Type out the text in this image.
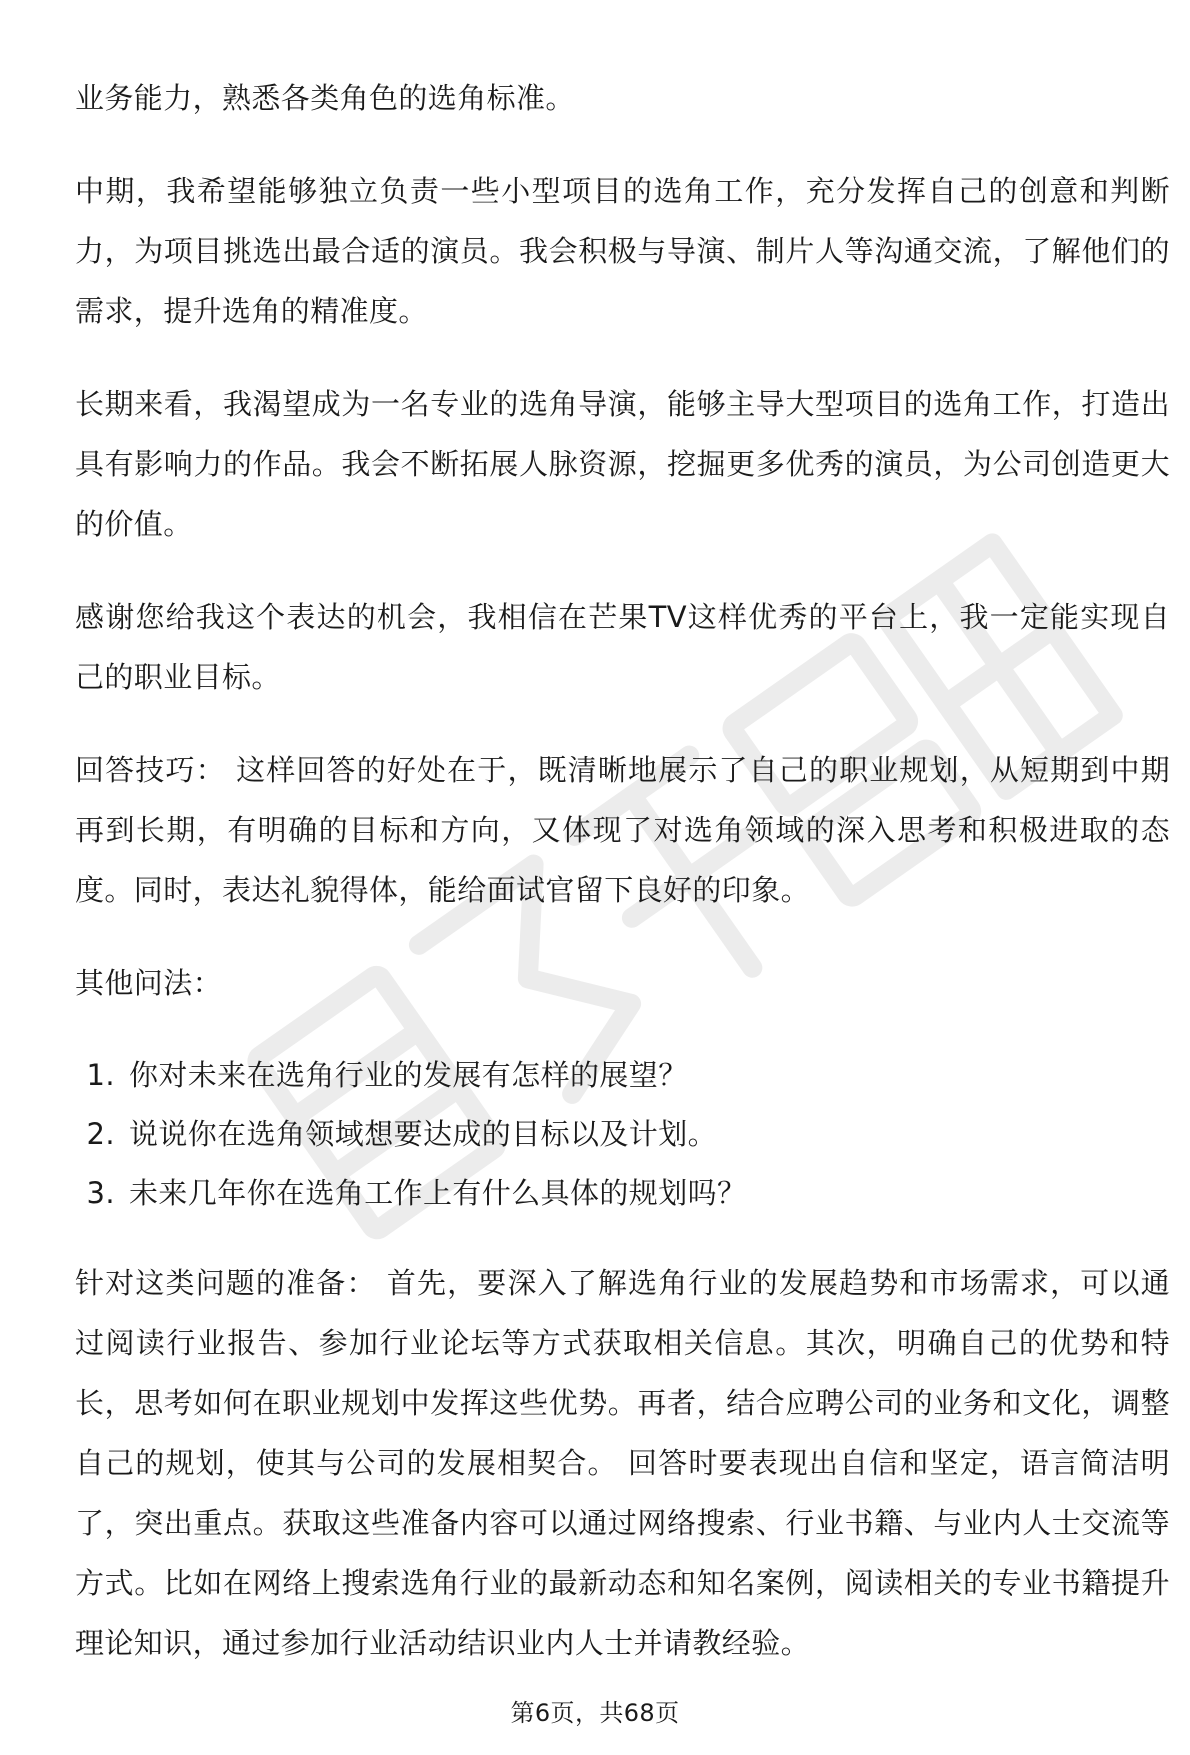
业务能力，熟悉各类角色的选角标准。

中期，我希望能够独立负责一些小型项目的选角工作，充分发挥自己的创意和判断力，为项目挑选出最合适的演员。我会积极与导演、制片人等沟通交流，了解他们的需求，提升选角的精准度。

长期来看，我渴望成为一名专业的选角导演，能够主导大型项目的选角工作，打造出具有影响力的作品。我会不断拓展人脉资源，挖掘更多优秀的演员，为公司创造更大的价值。

感谢您给我这个表达的机会，我相信在芒果TV这样优秀的平台上，我一定能实现自己的职业目标。

回答技巧： 这样回答的好处在于，既清晰地展示了自己的职业规划，从短期到中期再到长期，有明确的目标和方向，又体现了对选角领域的深入思考和积极进取的态度。同时，表达礼貌得体，能给面试官留下良好的印象。

其他问法：

1. 你对未来在选角行业的发展有怎样的展望？
2. 说说你在选角领域想要达成的目标以及计划。
3. 未来几年你在选角工作上有什么具体的规划吗？

针对这类问题的准备： 首先，要深入了解选角行业的发展趋势和市场需求，可以通过阅读行业报告、参加行业论坛等方式获取相关信息。其次，明确自己的优势和特长，思考如何在职业规划中发挥这些优势。再者，结合应聘公司的业务和文化，调整自己的规划，使其与公司的发展相契合。 回答时要表现出自信和坚定，语言简洁明了，突出重点。获取这些准备内容可以通过网络搜索、行业书籍、与业内人士交流等方式。比如在网络上搜索选角行业的最新动态和知名案例，阅读相关的专业书籍提升理论知识，通过参加行业活动结识业内人士并请教经验。

第6页，共68页
